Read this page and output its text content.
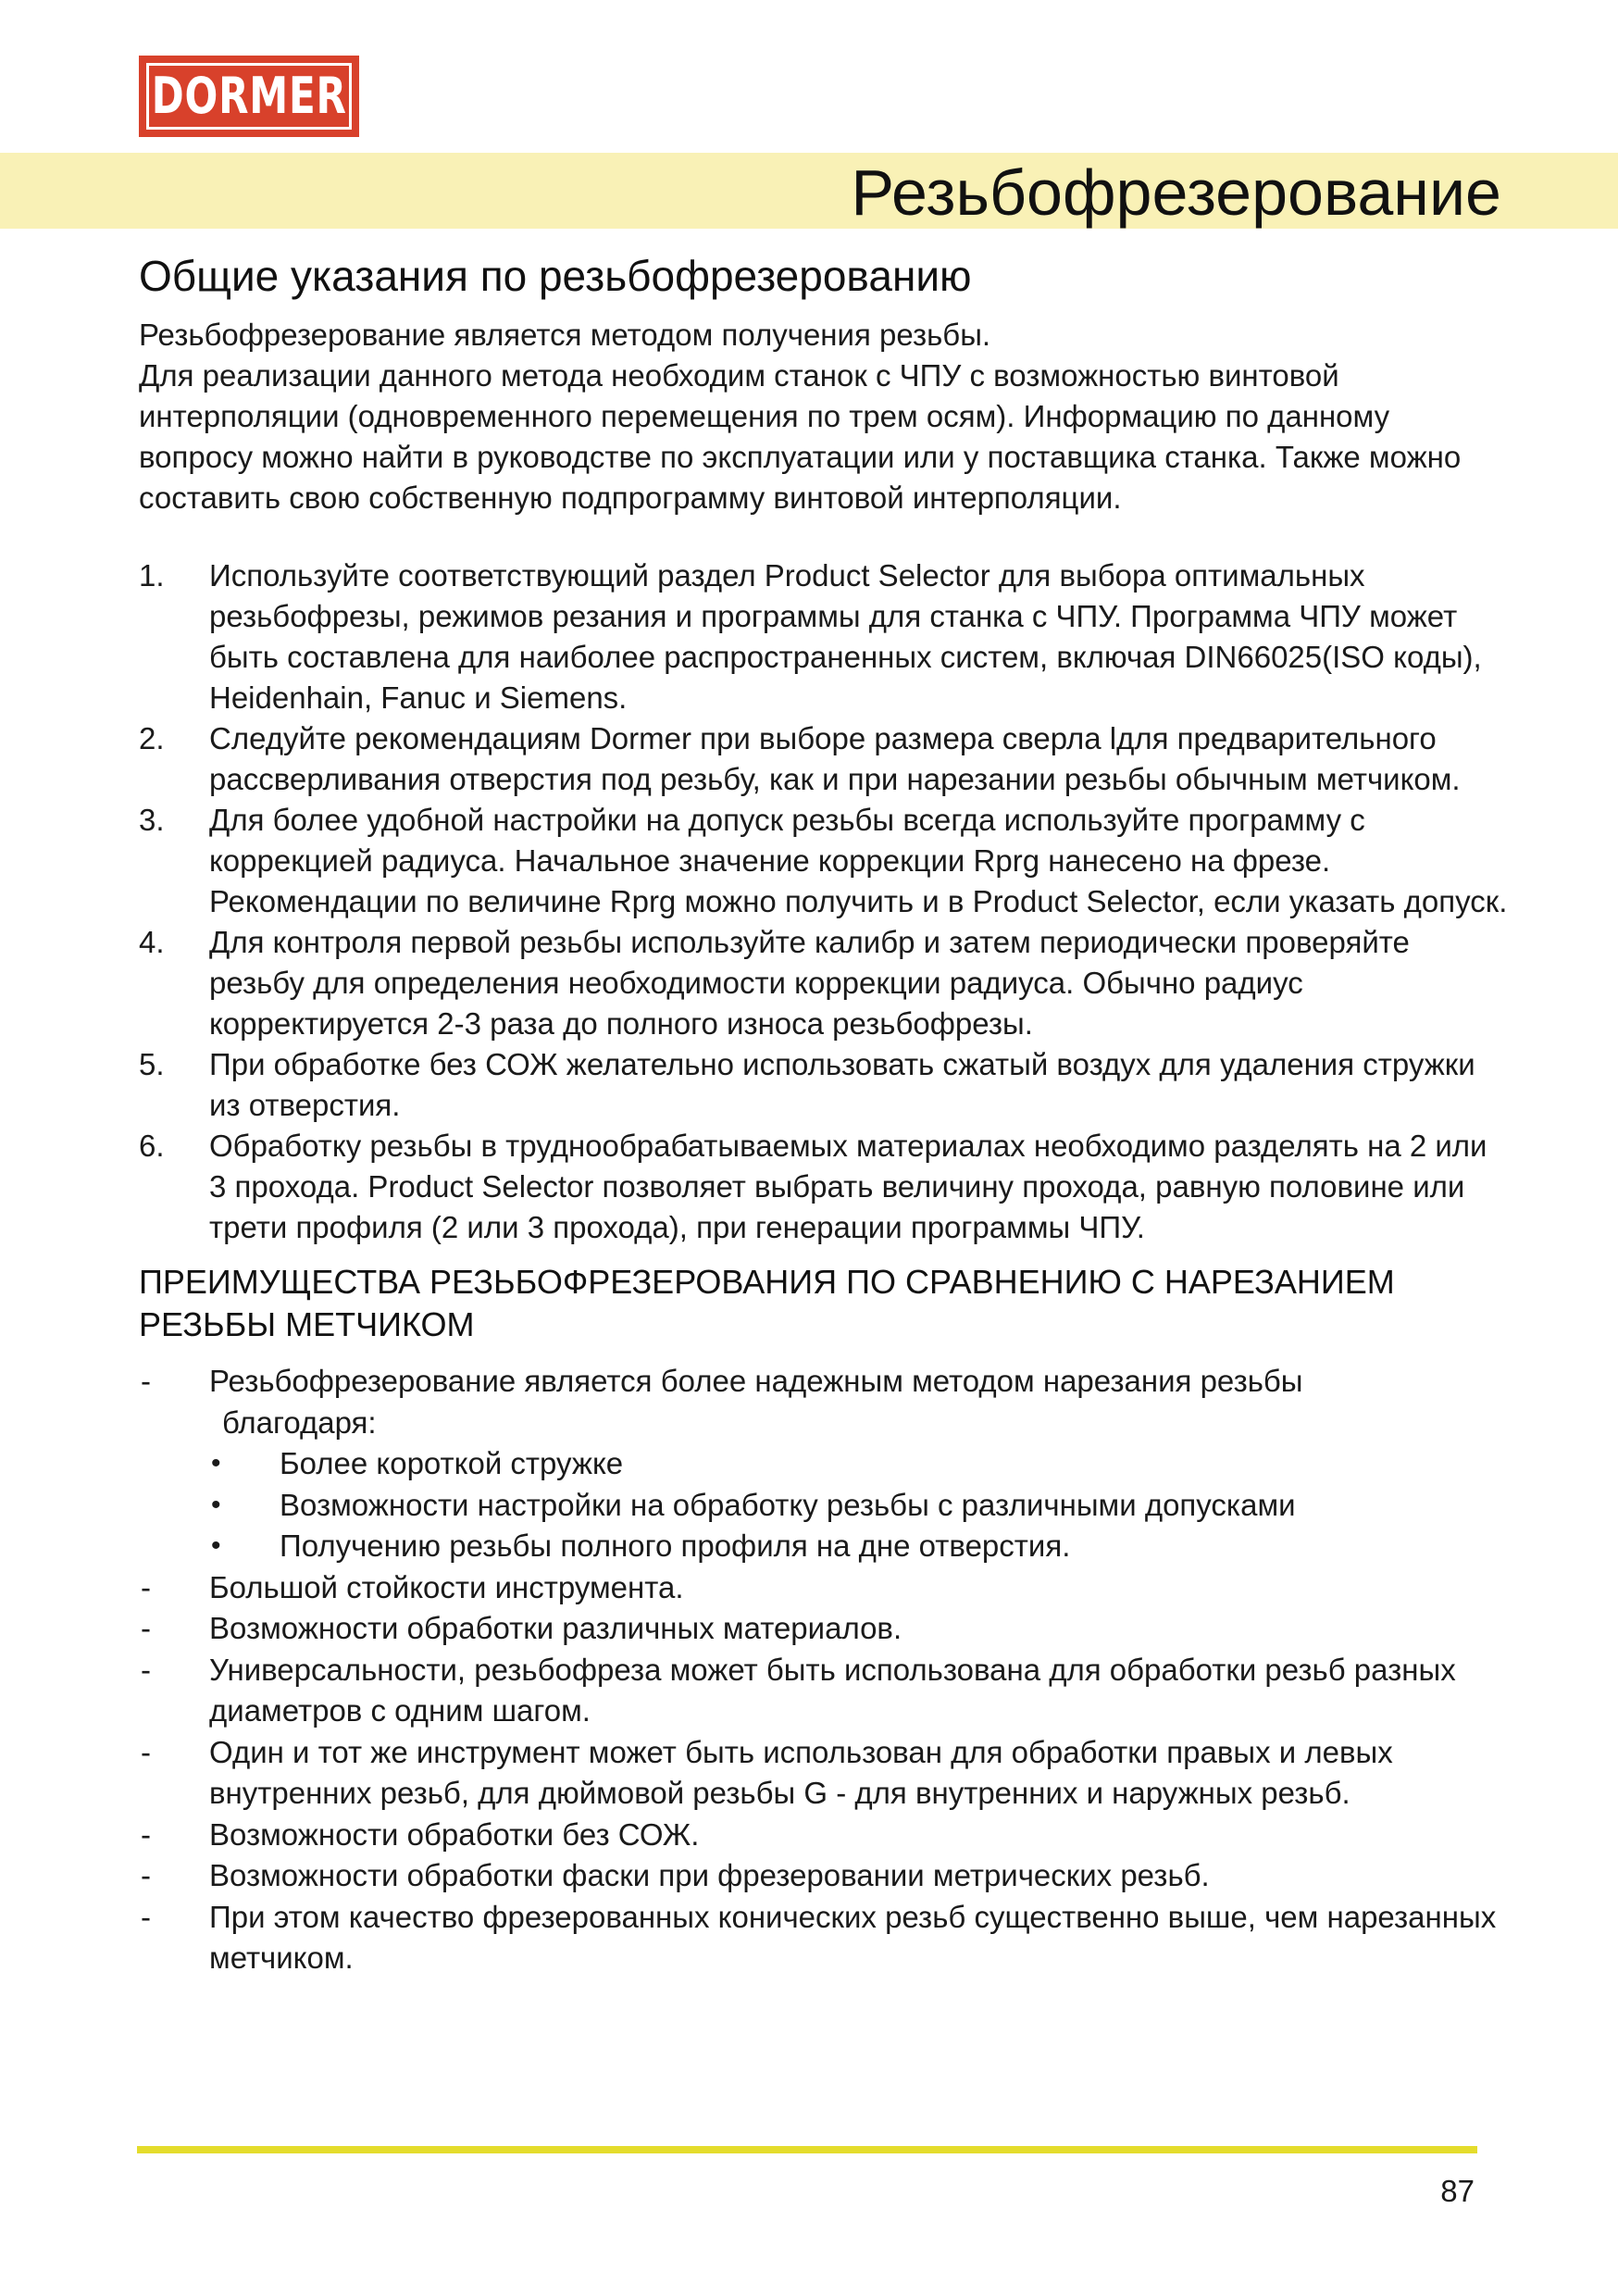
DORMER
Резьбофрезерование
Общие указания по резьбофрезерованию

Резьбофрезерование является методом получения резьбы.

Для реализации данного метода необходим станок с ЧПУ с возможностью винтовой интерполяции (одновременного перемещения по трем осям). Информацию по данному вопросу можно найти в руководстве по эксплуатации или у поставщика станка. Также можно составить свою собственную подпрограмму винтовой интерполяции.

1. Используйте соответствующий раздел Product Selector для выбора оптимальных резьбофрезы, режимов резания и программы для станка с ЧПУ. Программа ЧПУ может быть составлена для наиболее распространенных систем, включая DIN66025(ISO коды), Heidenhain, Fanuc и Siemens.
2. Следуйте рекомендациям Dormer при выборе размера сверла lдля предварительного рассверливания отверстия под резьбу, как и при нарезании резьбы обычным метчиком.
3. Для более удобной настройки на допуск резьбы всегда используйте программу с коррекцией радиуса. Начальное значение коррекции Rprg нанесено на фрезе. Рекомендации по величине Rprg можно получить и в Product Selector, если указать допуск.
4. Для контроля первой резьбы используйте калибр и затем периодически проверяйте резьбу для определения необходимости коррекции радиуса. Обычно радиус корректируется 2-3 раза до полного износа резьбофрезы.
5. При обработке без СОЖ желательно использовать сжатый воздух для удаления стружки из отверстия.
6. Обработку резьбы в труднообрабатываемых материалах необходимо разделять на 2 или 3 прохода. Product Selector позволяет выбрать величину прохода, равную половине или трети профиля (2 или 3 прохода), при генерации программы ЧПУ.
ПРЕИМУЩЕСТВА РЕЗЬБОФРЕЗЕРОВАНИЯ ПО СРАВНЕНИЮ С НАРЕЗАНИЕМ РЕЗЬБЫ МЕТЧИКОМ
- Резьбофрезерование является более надежным методом нарезания резьбы
благодаря:
• Более короткой стружке
• Возможности настройки на обработку резьбы с различными допусками
• Получению резьбы полного профиля на дне отверстия.
- Большой стойкости инструмента.
- Возможности обработки различных материалов.
- Универсальности, резьбофреза может быть использована для обработки резьб разных диаметров с одним шагом.
- Один и тот же инструмент может быть использован для обработки правых и левых внутренних резьб, для дюймовой резьбы G - для внутренних и наружных резьб.
- Возможности обработки без СОЖ.
- Возможности обработки фаски при фрезеровании метрических резьб.
- При этом качество фрезерованных конических резьб существенно выше, чем нарезанных метчиком.
87
